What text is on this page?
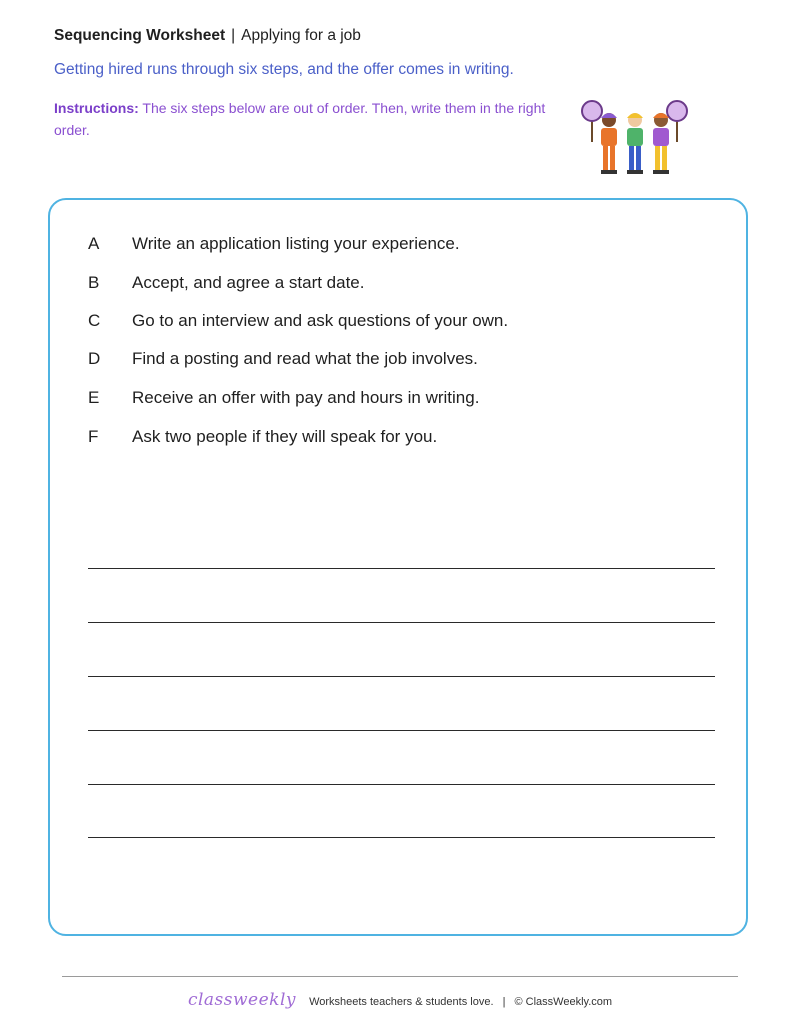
Sequencing Worksheet | Applying for a job
Getting hired runs through six steps, and the offer comes in writing.
Instructions: The six steps below are out of order. Then, write them in the right order.
A Write an application listing your experience.
B Accept, and agree a start date.
C Go to an interview and ask questions of your own.
D Find a posting and read what the job involves.
E Receive an offer with pay and hours in writing.
F Ask two people if they will speak for you.
classweekly Worksheets teachers & students love. | © ClassWeekly.com
